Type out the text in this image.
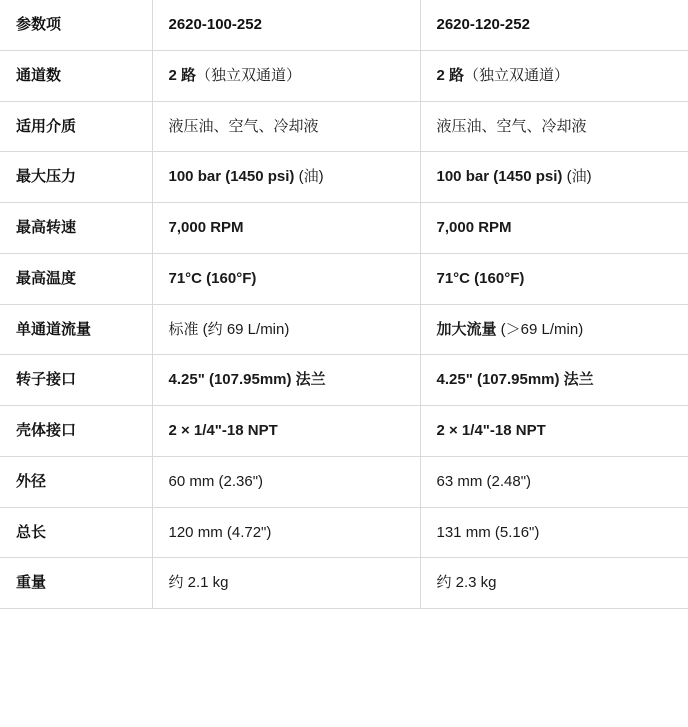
参数项	2620-100-252	2620-120-252
通道数	2 路（独立双通道）	2 路（独立双通道）
适用介质	液压油、空气、冷却液	液压油、空气、冷却液
最大压力	100 bar (1450 psi) (油)	100 bar (1450 psi) (油)
最高转速	7,000 RPM	7,000 RPM
最高温度	71°C (160°F)	71°C (160°F)
单通道流量	标准 (约 69 L/min)	加大流量 (＞69 L/min)
转子接口	4.25" (107.95mm) 法兰	4.25" (107.95mm) 法兰
壳体接口	2 × 1/4"-18 NPT	2 × 1/4"-18 NPT
外径	60 mm (2.36")	63 mm (2.48")
总长	120 mm (4.72")	131 mm (5.16")
重量	约 2.1 kg	约 2.3 kg
